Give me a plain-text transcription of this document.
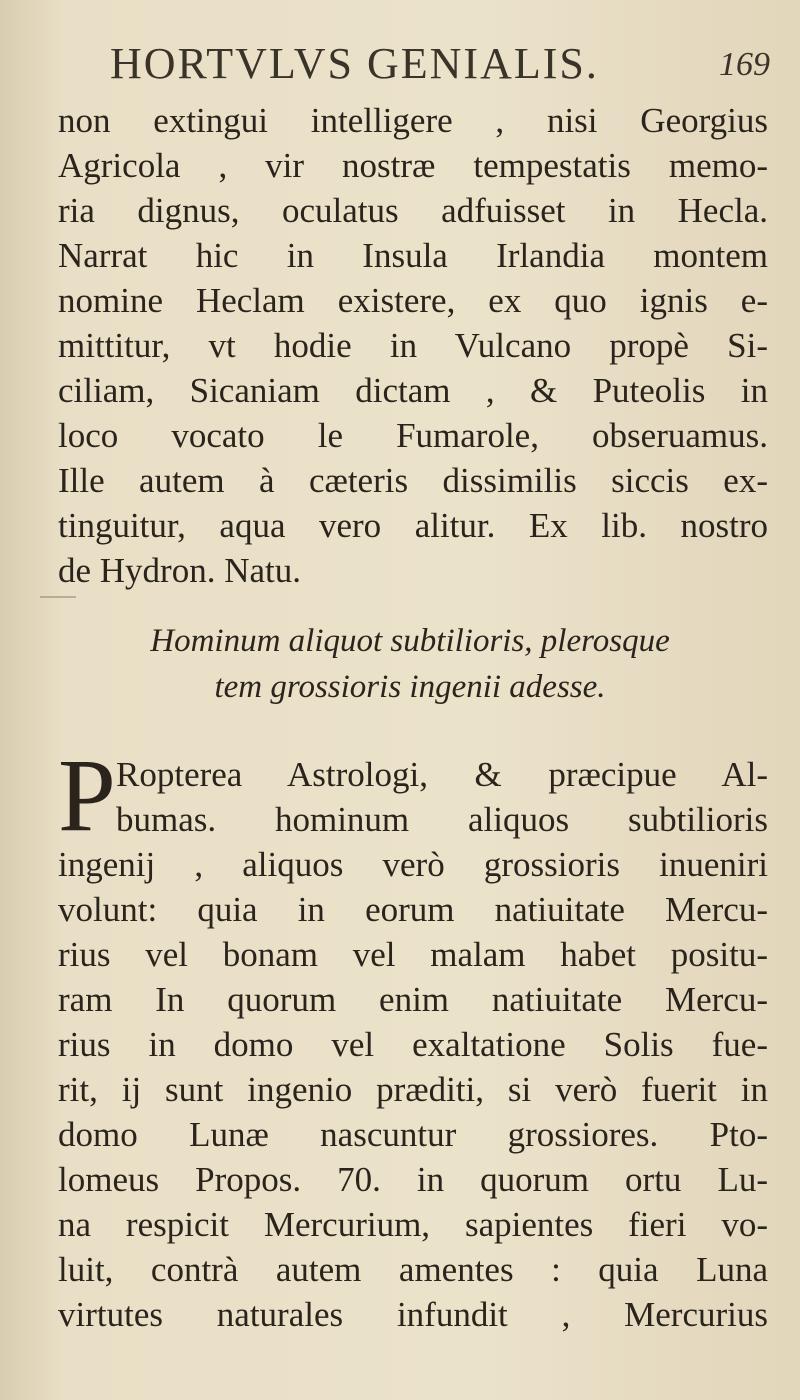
HORTVLVS GENIALIS.	169
non extingui intelligere , nisi Georgius
Agricola , vir nostræ tempestatis memo-
ria dignus, oculatus adfuisset in Hecla.
Narrat hic in Insula Irlandia montem
nomine Heclam existere, ex quo ignis e-
mittitur, vt hodie in Vulcano propè Si-
ciliam, Sicaniam dictam , & Puteolis in
loco vocato le Fumarole, obseruamus.
Ille autem à cæteris dissimilis siccis ex-
tinguitur, aqua vero alitur. Ex lib. nostro
de Hydron. Natu.
Hominum aliquot subtilioris, plerosque
tem grossioris ingenii adesse.
P Ropterea Astrologi, & præcipue Al-
bumas. hominum aliquos subtilioris
ingenij , aliquos verò grossioris inueniri
volunt: quia in eorum natiuitate Mercu-
rius vel bonam vel malam habet positu-
ram In quorum enim natiuitate Mercu-
rius in domo vel exaltatione Solis fue-
rit, ij sunt ingenio præditi, si verò fuerit in
domo Lunæ nascuntur grossiores. Pto-
lomeus Propos. 70. in quorum ortu Lu-
na respicit Mercurium, sapientes fieri vo-
luit, contrà autem amentes : quia Luna
virtutes naturales infundit , Mercurius
